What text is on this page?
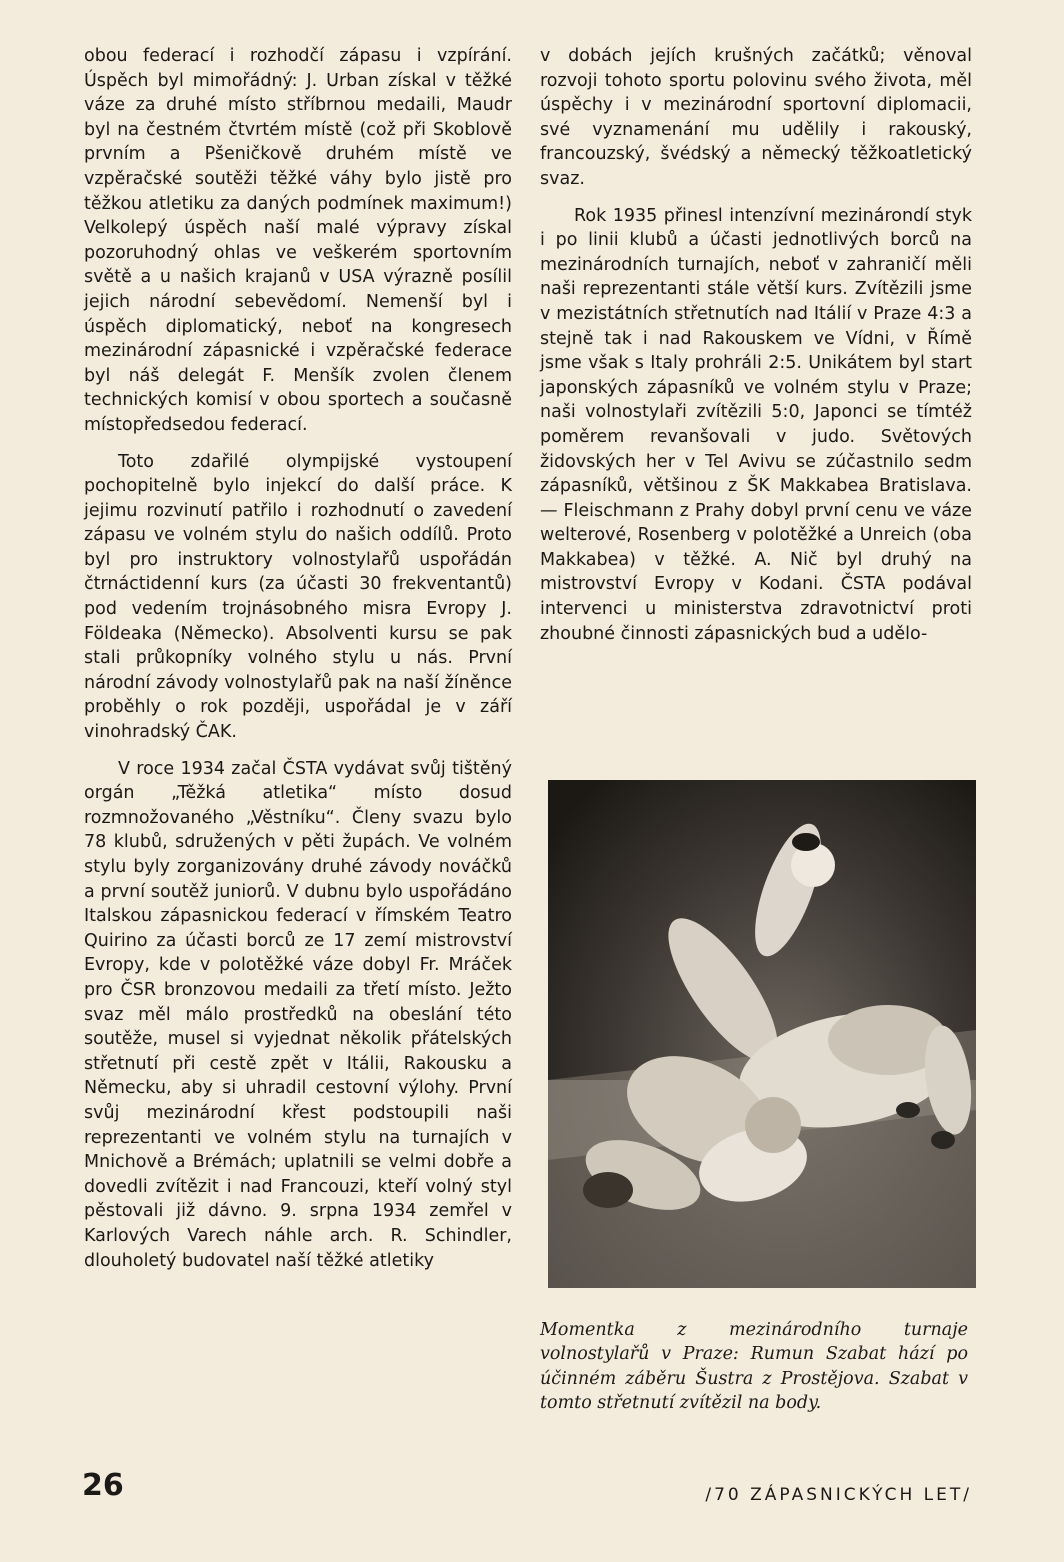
obou federací i rozhodčí zápasu i vzpírání. Úspěch byl mimořádný: J. Urban získal v těžké váze za druhé místo stříbrnou medaili, Maudr byl na čestném čtvrtém místě (což při Skoblově prvním a Pšeničkově druhém místě ve vzpěračské soutěži těžké váhy bylo jistě pro těžkou atletiku za daných podmínek maximum!) Velkolepý úspěch naší malé výpravy získal pozoruhodný ohlas ve veškerém sportovním světě a u našich krajanů v USA výrazně posílil jejich národní sebevědomí. Nemenší byl i úspěch diplomatický, neboť na kongresech mezinárodní zápasnické i vzpěračské federace byl náš delegát F. Menšík zvolen členem technických komisí v obou sportech a současně místopředsedou federací.

Toto zdařilé olympijské vystoupení pochopitelně bylo injekcí do další práce. K jejimu rozvinutí patřilo i rozhodnutí o zavedení zápasu ve volném stylu do našich oddílů. Proto byl pro instruktory volnostylařů uspořádán čtrnáctidenní kurs (za účasti 30 frekventantů) pod vedením trojnásobného misra Evropy J. Földeaka (Německo). Absolventi kursu se pak stali průkopníky volného stylu u nás. První národní závody volnostylařů pak na naší žíněnce proběhly o rok později, uspořádal je v září vinohradský ČAK.

V roce 1934 začal ČSTA vydávat svůj tištěný orgán „Těžká atletika“ místo dosud rozmnožovaného „Věstníku“. Členy svazu bylo 78 klubů, sdružených v pěti župách. Ve volném stylu byly zorganizovány druhé závody nováčků a první soutěž juniorů. V dubnu bylo uspořádáno Italskou zápasnickou federací v římském Teatro Quirino za účasti borců ze 17 zemí mistrovství Evropy, kde v polotěžké váze dobyl Fr. Mráček pro ČSR bronzovou medaili za třetí místo. Ježto svaz měl málo prostředků na obeslání této soutěže, musel si vyjednat několik přátelských střetnutí při cestě zpět v Itálii, Rakousku a Německu, aby si uhradil cestovní výlohy. První svůj mezinárodní křest podstoupili naši reprezentanti ve volném stylu na turnajích v Mnichově a Brémách; uplatnili se velmi dobře a dovedli zvítězit i nad Francouzi, kteří volný styl pěstovali již dávno. 9. srpna 1934 zemřel v Karlových Varech náhle arch. R. Schindler, dlouholetý budovatel naší těžké atletiky

v dobách jejích krušných začátků; věnoval rozvoji tohoto sportu polovinu svého života, měl úspěchy i v mezinárodní sportovní diplomacii, své vyznamenání mu udělily i rakouský, francouzský, švédský a německý těžkoatletický svaz.

Rok 1935 přinesl intenzívní mezinárondí styk i po linii klubů a účasti jednotlivých borců na mezinárodních turnajích, neboť v zahraničí měli naši reprezentanti stále větší kurs. Zvítězili jsme v mezistátních střetnutích nad Itálií v Praze 4:3 a stejně tak i nad Rakouskem ve Vídni, v Římě jsme však s Italy prohráli 2:5. Unikátem byl start japonských zápasníků ve volném stylu v Praze; naši volnostylaři zvítězili 5:0, Japonci se tímtéž poměrem revanšovali v judo. Světových židovských her v Tel Avivu se zúčastnilo sedm zápasníků, většinou z ŠK Makkabea Bratislava. — Fleischmann z Prahy dobyl první cenu ve váze welterové, Rosenberg v polotěžké a Unreich (oba Makkabea) v těžké. A. Nič byl druhý na mistrovství Evropy v Kodani. ČSTA podával intervenci u ministerstva zdravotnictví proti zhoubné činnosti zápasnických bud a udělo-

Momentka z mezinárodního turnaje volnostylařů v Praze: Rumun Szabat hází po účinném záběru Šustra z Prostějova. Szabat v tomto střetnutí zvítězil na body.
26	/70 ZÁPASNICKÝCH LET/
